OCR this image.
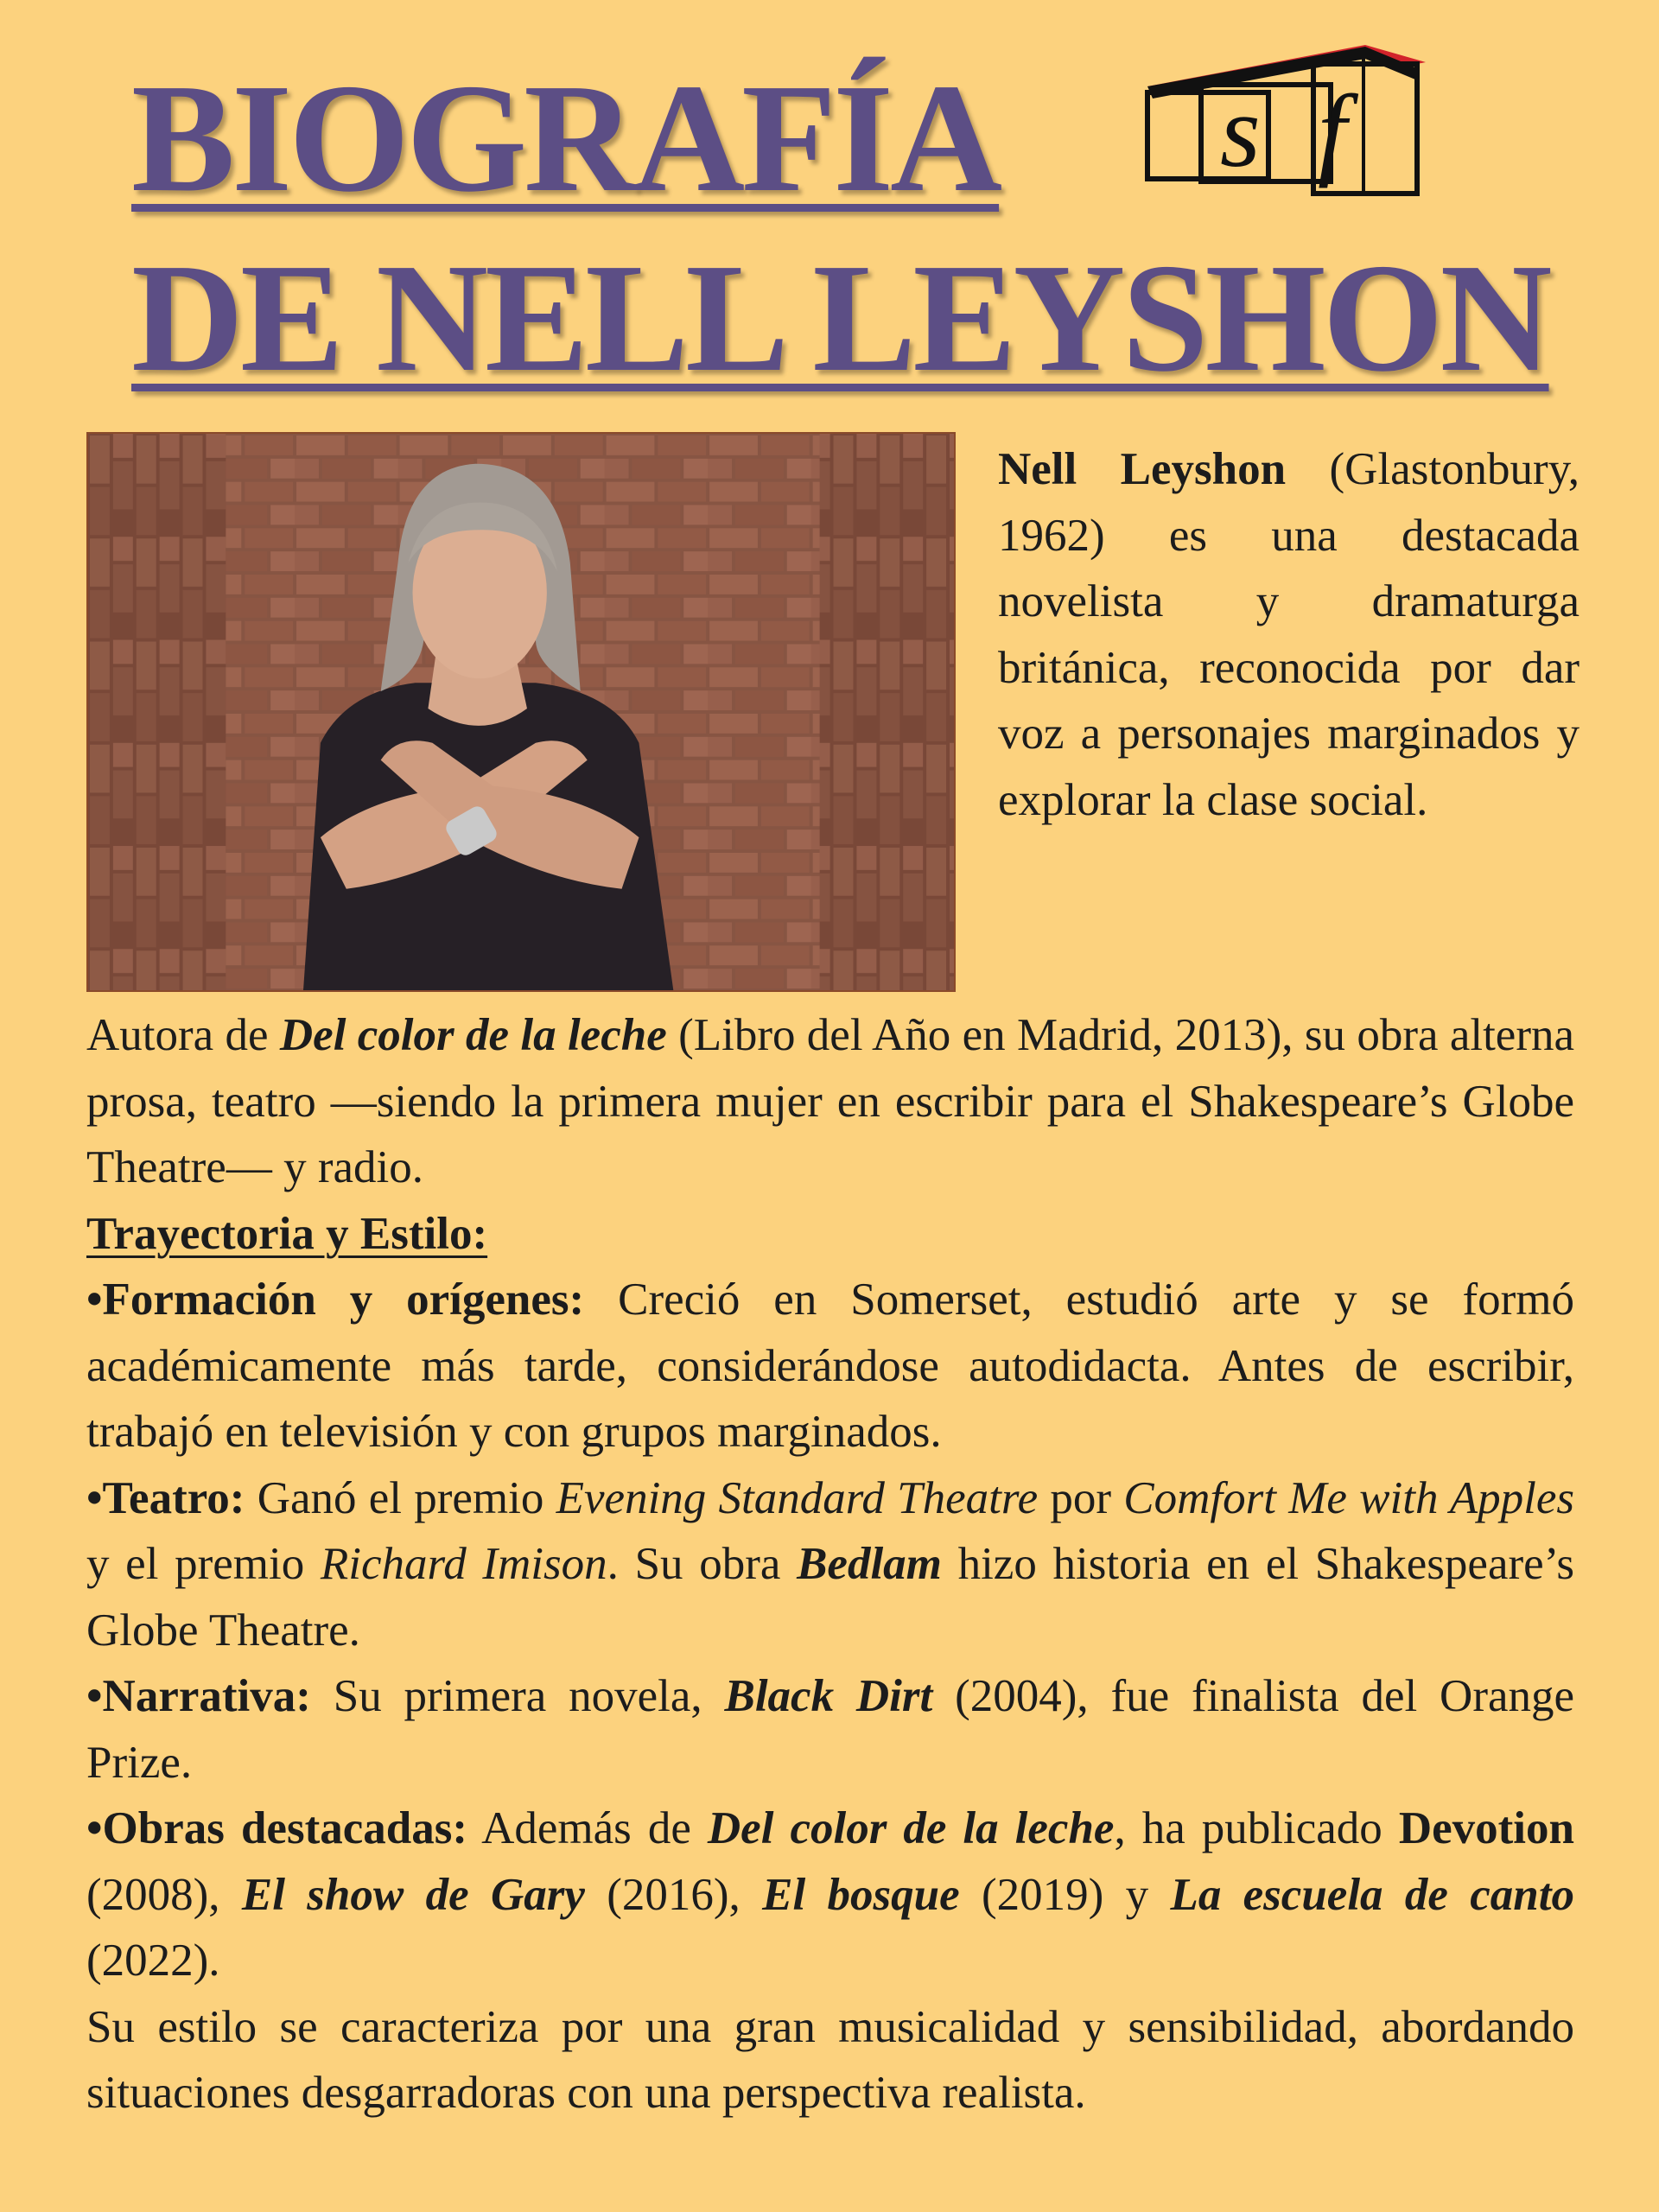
BIOGRAFÍA
DE NELL LEYSHON
s f
Nell Leyshon (Glastonbury, 1962) es una destacada novelista y dramaturga británica, reconocida por dar voz a personajes marginados y explorar la clase social.

Autora de Del color de la leche (Libro del Año en Madrid, 2013), su obra alterna prosa, teatro —siendo la primera mujer en escribir para el Shakespeare’s Globe Theatre— y radio.

Trayectoria y Estilo:

•Formación y orígenes: Creció en Somerset, estudió arte y se formó académicamente más tarde, considerándose autodidacta. Antes de escribir, trabajó en televisión y con grupos marginados.

•Teatro: Ganó el premio Evening Standard Theatre por Comfort Me with Apples y el premio Richard Imison. Su obra Bedlam hizo historia en el Shakespeare’s Globe Theatre.

•Narrativa: Su primera novela, Black Dirt (2004), fue finalista del Orange Prize.

•Obras destacadas: Además de Del color de la leche, ha publicado Devotion (2008), El show de Gary (2016), El bosque (2019) y La escuela de canto (2022).

Su estilo se caracteriza por una gran musicalidad y sensibilidad, abordando situaciones desgarradoras con una perspectiva realista.
